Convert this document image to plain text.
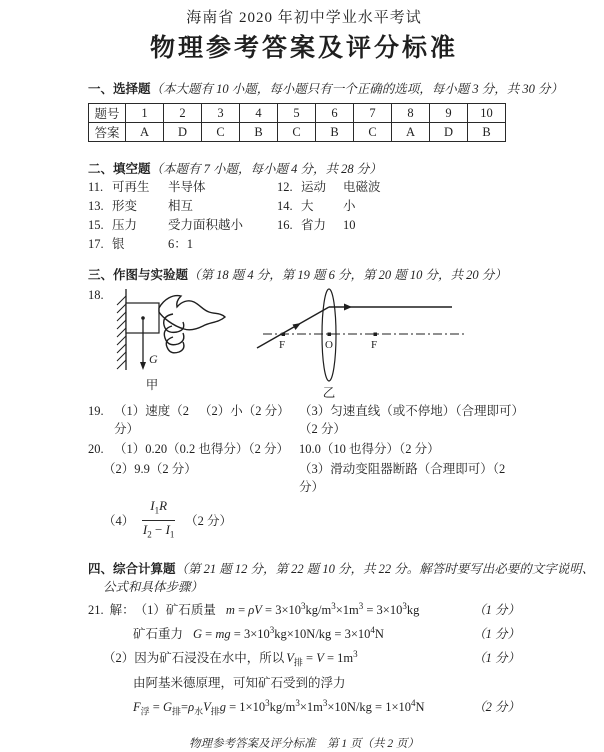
海南省 2020 年初中学业水平考试
物理参考答案及评分标准
一、选择题（本大题有 10 小题，每小题只有一个正确的选项，每小题 3 分，共 30 分）
题号	1	2	3	4	5	6	7	8	9	10
答案	A	D	C	B	C	B	C	A	D	B
二、填空题（本题有 7 小题，每小题 4 分，共 28 分）
11. 可再生	半导体	12. 运动	电磁波
13. 形变	相互	14. 大	小
15. 压力	受力面积越小	16. 省力	10
17. 银	6：1
三、作图与实验题（第 18 题 4 分，第 19 题 6 分，第 20 题 10 分，共 20 分）
18.
G
甲
F	O	F
乙
19. （1）速度（2 分）
（2）小（2 分） （3）匀速直线（或不停地）（合理即可）（2 分）
20. （1）0.20（0.2 也得分）（2 分） 10.0（10 也得分）（2 分）
（2）9.9（2 分）	（3）滑动变阻器断路（合理即可）（2 分）
$(4) \frac{I_1R}{I_2 - I_1} (2$ 分）
四、综合计算题（第 21 题 12 分，第 22 题 10 分，共 22 分。解答时要写出必要的文字说明、
公式和具体步骤）
21. 解： （1）矿石质量 $m = \rho V = 3\times 10^3kg/m^3\times 1m^3 = 3\times 10^3kg$	（1 分）
矿石重力 G = mg = $3\times 10^3kg\times 10N/kg = 3\times 10^4N$	（1 分）
（2）因为矿石浸没在水中，所以 $V_排 = V = 1m^3$	（1 分）
由阿基米德原理，可知矿石受到的浮力
$F_浮 = G_排=\rho_水V_排g = 1\times 10^3kg/m^3\times 1m^3\times 10N/kg = 1\times 10^4N$	（2 分）
物理参考答案及评分标准　第 1 页（共 2 页）
